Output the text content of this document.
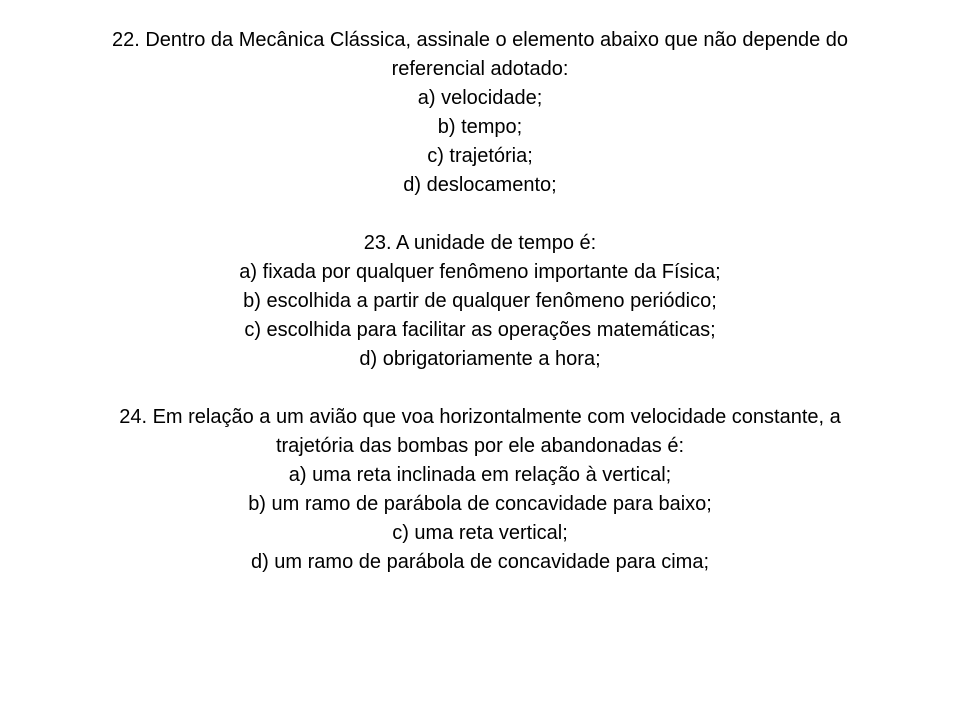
22. Dentro da Mecânica Clássica, assinale o elemento abaixo que não depende do

referencial adotado:

a) velocidade;

b) tempo;

c) trajetória;

d) deslocamento;

23. A unidade de tempo é:

a) fixada por qualquer fenômeno importante da Física;

b) escolhida a partir de qualquer fenômeno periódico;

c) escolhida para facilitar as operações matemáticas;

d) obrigatoriamente a hora;

24. Em relação a um avião que voa horizontalmente com velocidade constante, a

trajetória das bombas por ele abandonadas é:

a) uma reta inclinada em relação à vertical;

b) um ramo de parábola de concavidade para baixo;

c) uma reta vertical;

d) um ramo de parábola de concavidade para cima;
